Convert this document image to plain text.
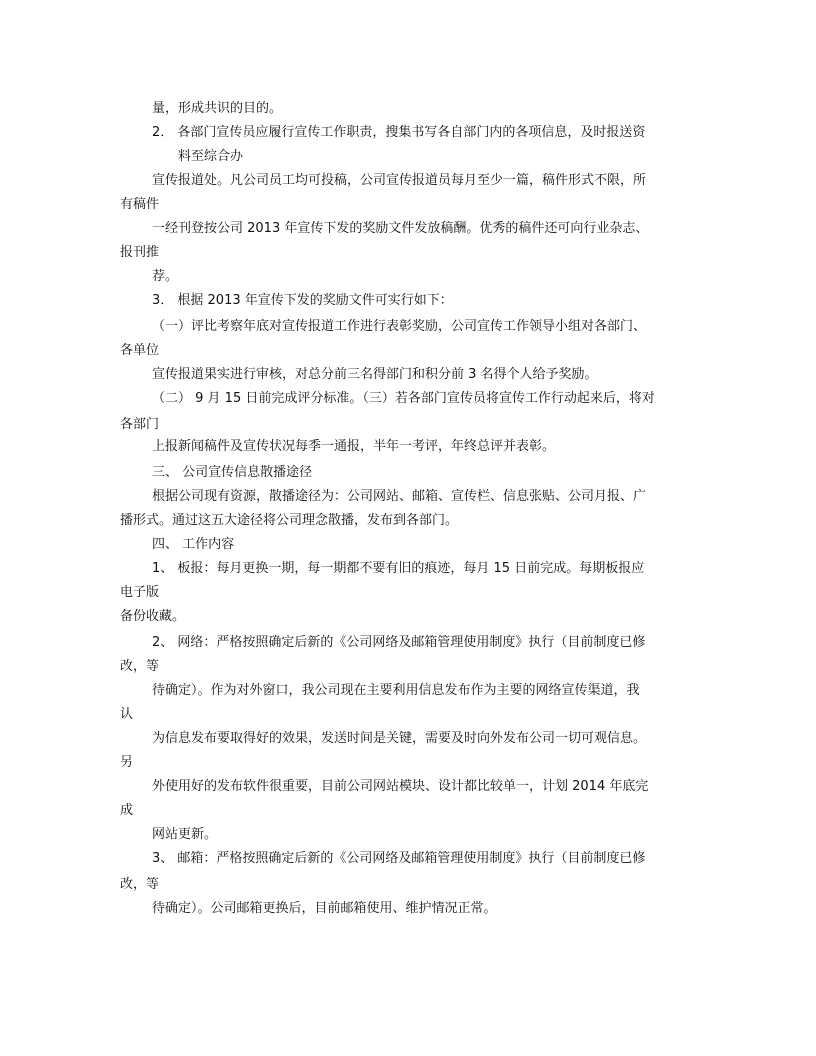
量，形成共识的目的。
2． 各部门宣传员应履行宣传工作职责，搜集书写各自部门内的各项信息，及时报送资
料至综合办
宣传报道处。凡公司员工均可投稿，公司宣传报道员每月至少一篇，稿件形式不限，所
有稿件
一经刊登按公司 2013 年宣传下发的奖励文件发放稿酬。优秀的稿件还可向行业杂志、
报刊推
荐。
3． 根据 2013 年宣传下发的奖励文件可实行如下：
（一）评比考察年底对宣传报道工作进行表彰奖励，公司宣传工作领导小组对各部门、
各单位
宣传报道果实进行审核，对总分前三名得部门和积分前 3 名得个人给予奖励。
（二） 9 月 15 日前完成评分标准。（三）若各部门宣传员将宣传工作行动起来后，将对
各部门
上报新闻稿件及宣传状况每季一通报，半年一考评，年终总评并表彰。
三、 公司宣传信息散播途径
根据公司现有资源，散播途径为：公司网站、邮箱、宣传栏、信息张贴、公司月报、广
播形式。通过这五大途径将公司理念散播，发布到各部门。
四、 工作内容
1、 板报：每月更换一期，每一期都不要有旧的痕迹，每月 15 日前完成。每期板报应
电子版
备份收藏。
2、 网络：严格按照确定后新的《公司网络及邮箱管理使用制度》执行（目前制度已修
改，等
待确定）。作为对外窗口，我公司现在主要利用信息发布作为主要的网络宣传渠道，我
认
为信息发布要取得好的效果，发送时间是关键，需要及时向外发布公司一切可观信息。
另
外使用好的发布软件很重要，目前公司网站模块、设计都比较单一，计划 2014 年底完
成
网站更新。
3、 邮箱：严格按照确定后新的《公司网络及邮箱管理使用制度》执行（目前制度已修
改，等
待确定）。公司邮箱更换后，目前邮箱使用、维护情况正常。
